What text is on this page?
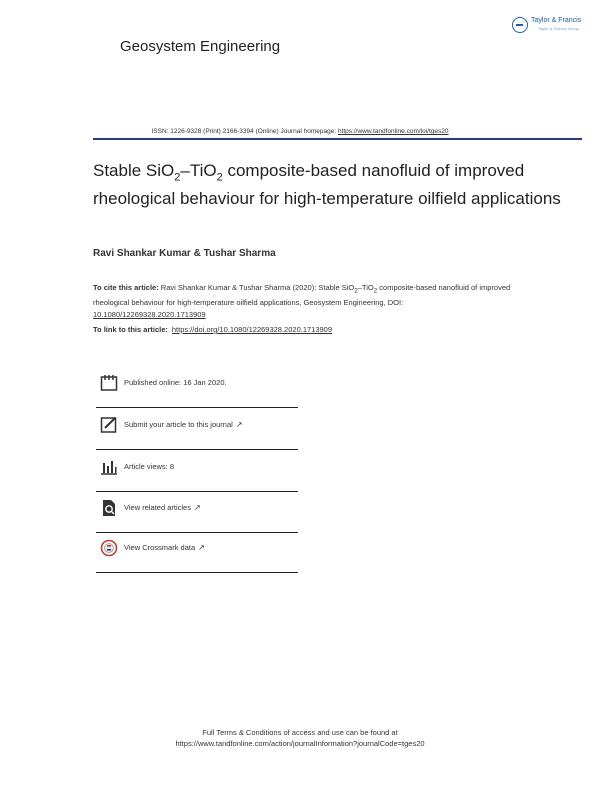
Geosystem Engineering
Taylor & Francis
Taylor & Francis Group
ISSN: 1226-9328 (Print) 2166-3394 (Online) Journal homepage: https://www.tandfonline.com/loi/tges20
Stable SiO$_2$–TiO$_2$ composite-based nanofluid of improved rheological behaviour for high-temperature oilfield applications
Ravi Shankar Kumar & Tushar Sharma
To cite this article: Ravi Shankar Kumar & Tushar Sharma (2020): Stable SiO$_2$–TiO$_2$ composite-based nanofluid of improved rheological behaviour for high-temperature oilfield applications, Geosystem Engineering, DOI: 10.1080/12269328.2020.1713909
To link to this article: https://doi.org/10.1080/12269328.2020.1713909
Published online: 16 Jan 2020.
Submit your article to this journal ↗
Article views: 8
View related articles ↗
View Crossmark data ↗
Full Terms & Conditions of access and use can be found at
https://www.tandfonline.com/action/journalInformation?journalCode=tges20
